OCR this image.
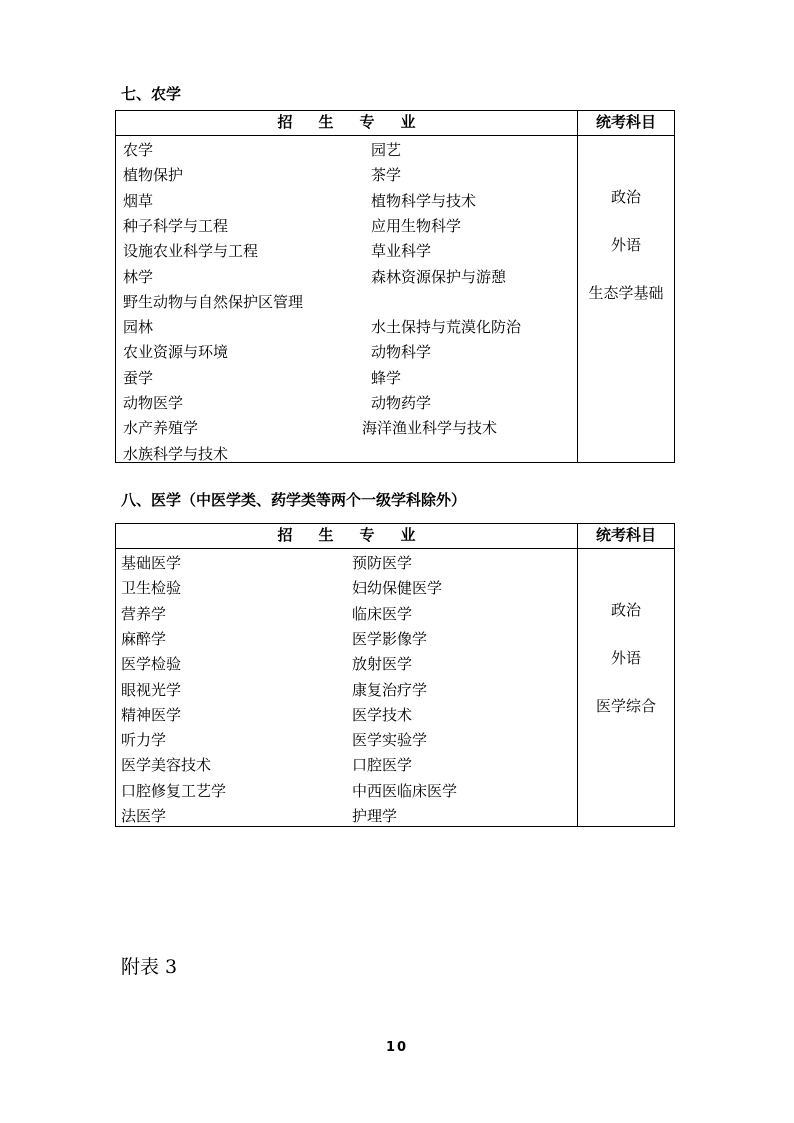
七、农学
招生专业	统考科目
农学
植物保护
烟草
种子科学与工程
设施农业科学与工程
林学
野生动物与自然保护区管理
园林
农业资源与环境
蚕学
动物医学
水产养殖学
水族科学与技术
园艺
茶学
植物科学与技术
应用生物科学
草业科学
森林资源保护与游憩
水土保持与荒漠化防治
动物科学
蜂学
动物药学
海洋渔业科学与技术
政治
外语
生态学基础
八、医学（中医学类、药学类等两个一级学科除外）
招生专业	统考科目
基础医学
卫生检验
营养学
麻醉学
医学检验
眼视光学
精神医学
听力学
医学美容技术
口腔修复工艺学
法医学
预防医学
妇幼保健医学
临床医学
医学影像学
放射医学
康复治疗学
医学技术
医学实验学
口腔医学
中西医临床医学
护理学
政治
外语
医学综合
附表 3
10
